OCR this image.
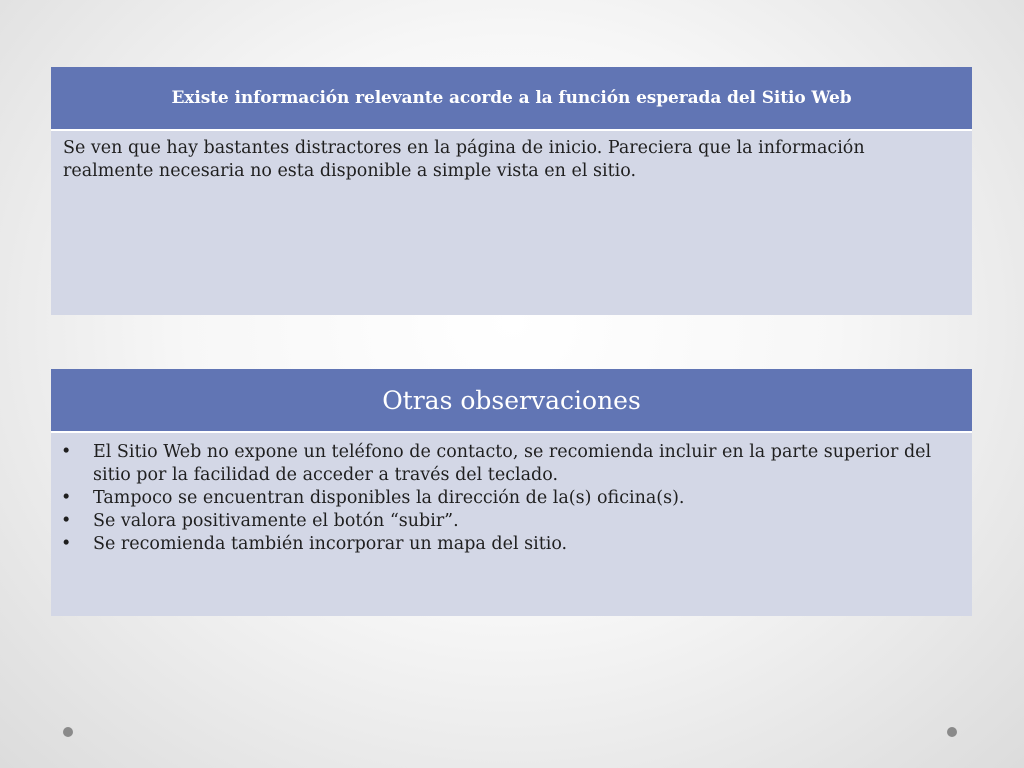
Existe información relevante acorde a la función esperada del Sitio Web
Se ven que hay bastantes distractores en la página de inicio. Pareciera que la información realmente necesaria no esta disponible a simple vista en el sitio.
Otras observaciones
• El Sitio Web no expone un teléfono de contacto, se recomienda incluir en la parte superior del sitio por la facilidad de acceder a través del teclado.
• Tampoco se encuentran disponibles la dirección de la(s) oficina(s).
• Se valora positivamente el botón “subir”.
• Se recomienda también incorporar un mapa del sitio.
